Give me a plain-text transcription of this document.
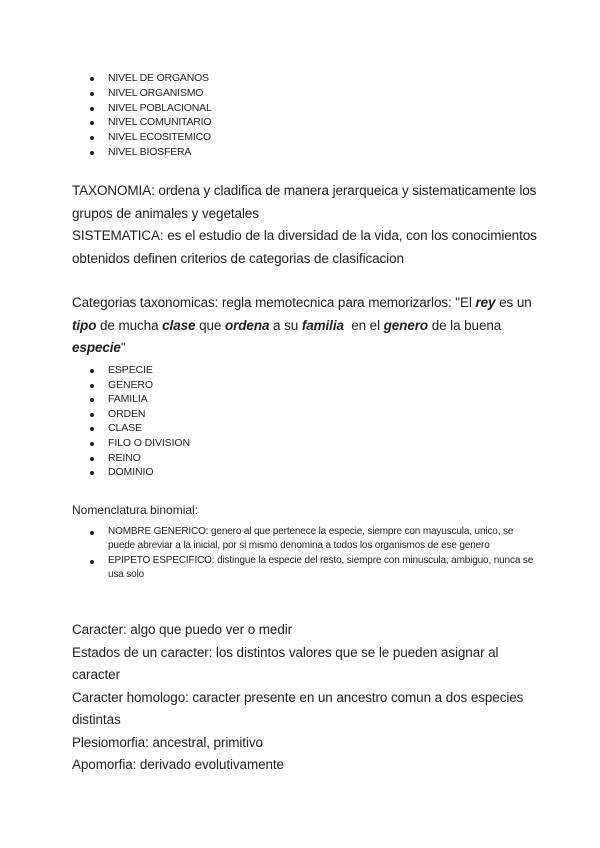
NIVEL DE ORGANOS
NIVEL ORGANISMO
NIVEL POBLACIONAL
NIVEL COMUNITARIO
NIVEL ECOSITEMICO
NIVEL BIOSFERA
TAXONOMIA: ordena y cladifica de manera jerarqueica y sistematicamente los grupos de animales y vegetales
SISTEMATICA: es el estudio de la diversidad de la vida, con los conocimientos obtenidos definen criterios de categorias de clasificacion

Categorias taxonomicas: regla memotecnica para memorizarlos: "El rey es un tipo de mucha clase que ordena a su familia  en el genero de la buena especie"

ESPECIE
GENERO
FAMILIA
ORDEN
CLASE
FILO O DIVISION
REINO
DOMINIO

Nomenclatura binomial:

NOMBRE GENERICO: genero al que pertenece la especie, siempre con mayuscula, unico, se puede abreviar a la inicial, por si mismo denomina a todos los organismos de ese genero
EPIPETO ESPECIFICO: distingue la especie del resto, siempre con minuscula, ambiguo, nunca se usa solo
Caracter: algo que puedo ver o medir
Estados de un caracter: los distintos valores que se le pueden asignar al caracter
Caracter homologo: caracter presente en un ancestro comun a dos especies distintas
Plesiomorfia: ancestral, primitivo
Apomorfia: derivado evolutivamente
